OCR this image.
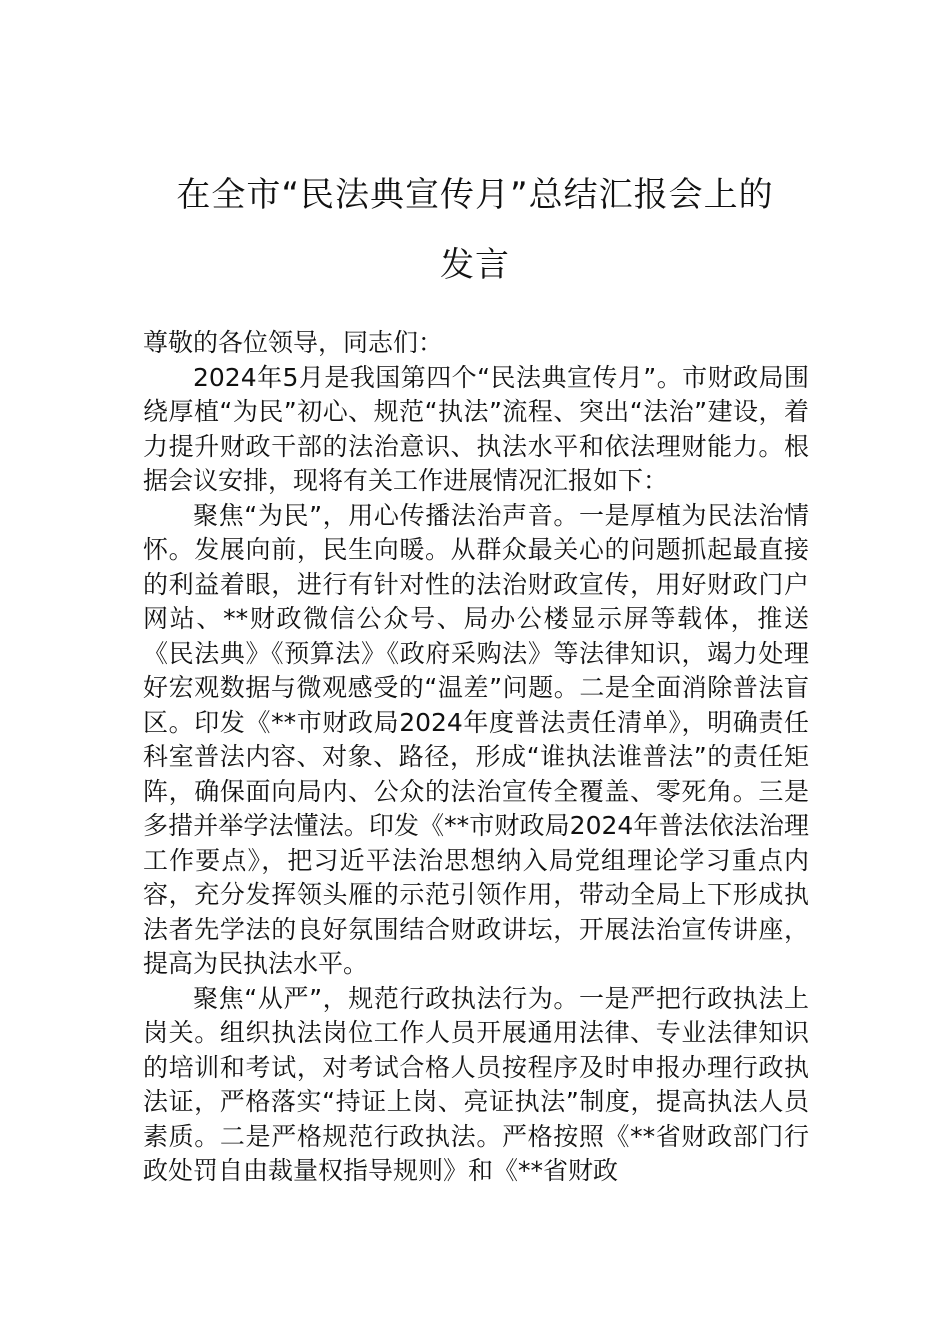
在全市“民法典宣传月”总结汇报会上的
发言

尊敬的各位领导，同志们：

2024年5月是我国第四个“民法典宣传月”。市财政局围绕厚植“为民”初心、规范“执法”流程、突出“法治”建设，着力提升财政干部的法治意识、执法水平和依法理财能力。根据会议安排，现将有关工作进展情况汇报如下：

聚焦“为民”，用心传播法治声音。一是厚植为民法治情怀。发展向前，民生向暖。从群众最关心的问题抓起最直接的利益着眼，进行有针对性的法治财政宣传，用好财政门户网站、**财政微信公众号、局办公楼显示屏等载体，推送《民法典》《预算法》《政府采购法》等法律知识，竭力处理好宏观数据与微观感受的“温差”问题。二是全面消除普法盲区。印发《**市财政局2024年度普法责任清单》，明确责任科室普法内容、对象、路径，形成“谁执法谁普法”的责任矩阵，确保面向局内、公众的法治宣传全覆盖、零死角。三是多措并举学法懂法。印发《**市财政局2024年普法依法治理工作要点》，把习近平法治思想纳入局党组理论学习重点内容，充分发挥领头雁的示范引领作用，带动全局上下形成执法者先学法的良好氛围结合财政讲坛，开展法治宣传讲座，提高为民执法水平。

聚焦“从严”，规范行政执法行为。一是严把行政执法上岗关。组织执法岗位工作人员开展通用法律、专业法律知识的培训和考试，对考试合格人员按程序及时申报办理行政执法证，严格落实“持证上岗、亮证执法”制度，提高执法人员素质。二是严格规范行政执法。严格按照《**省财政部门行政处罚自由裁量权指导规则》和《**省财政
